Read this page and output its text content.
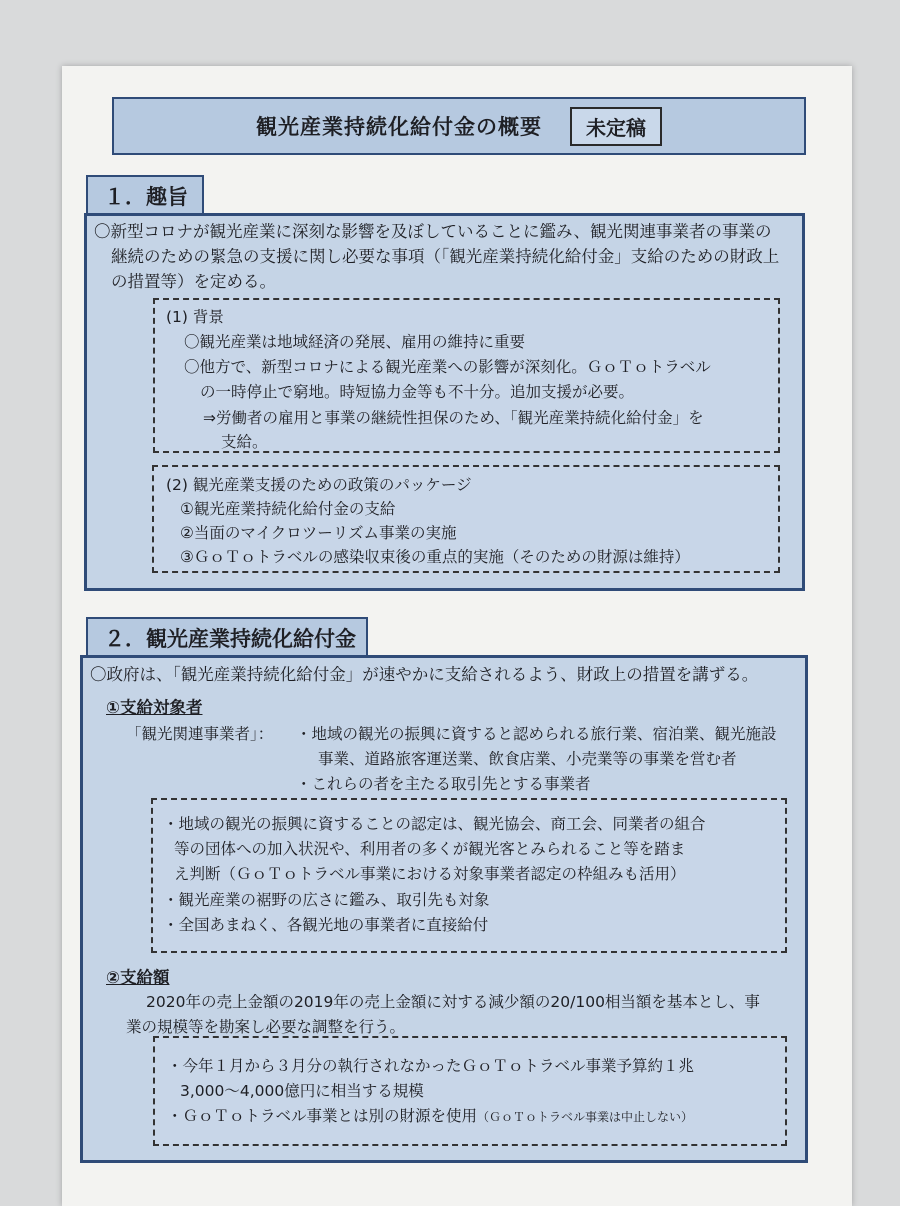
観光産業持続化給付金の概要	未定稿
１．趣旨
〇新型コロナが観光産業に深刻な影響を及ぼしていることに鑑み、観光関連事業者の事業の
継続のための緊急の支援に関し必要な事項（「観光産業持続化給付金」支給のための財政上
の措置等）を定める。
(1) 背景
〇観光産業は地域経済の発展、雇用の維持に重要
〇他方で、新型コロナによる観光産業への影響が深刻化。ＧｏＴｏトラベル
の一時停止で窮地。時短協力金等も不十分。追加支援が必要。
⇒労働者の雇用と事業の継続性担保のため、「観光産業持続化給付金」を
支給。
(2) 観光産業支援のための政策のパッケージ
①観光産業持続化給付金の支給
②当面のマイクロツーリズム事業の実施
③ＧｏＴｏトラベルの感染収束後の重点的実施（そのための財源は維持）
２．観光産業持続化給付金
〇政府は、「観光産業持続化給付金」が速やかに支給されるよう、財政上の措置を講ずる。
①支給対象者
「観光関連事業者」： ・地域の観光の振興に資すると認められる旅行業、宿泊業、観光施設
事業、道路旅客運送業、飲食店業、小売業等の事業を営む者
・これらの者を主たる取引先とする事業者
・地域の観光の振興に資することの認定は、観光協会、商工会、同業者の組合
等の団体への加入状況や、利用者の多くが観光客とみられること等を踏ま
え判断（ＧｏＴｏトラベル事業における対象事業者認定の枠組みも活用）
・観光産業の裾野の広さに鑑み、取引先も対象
・全国あまねく、各観光地の事業者に直接給付
②支給額
2020年の売上金額の2019年の売上金額に対する減少額の20/100相当額を基本とし、事
業の規模等を勘案し必要な調整を行う。
・今年１月から３月分の執行されなかったＧｏＴｏトラベル事業予算約１兆
3,000～4,000億円に相当する規模
・ＧｏＴｏトラベル事業とは別の財源を使用（ＧｏＴｏトラベル事業は中止しない）
